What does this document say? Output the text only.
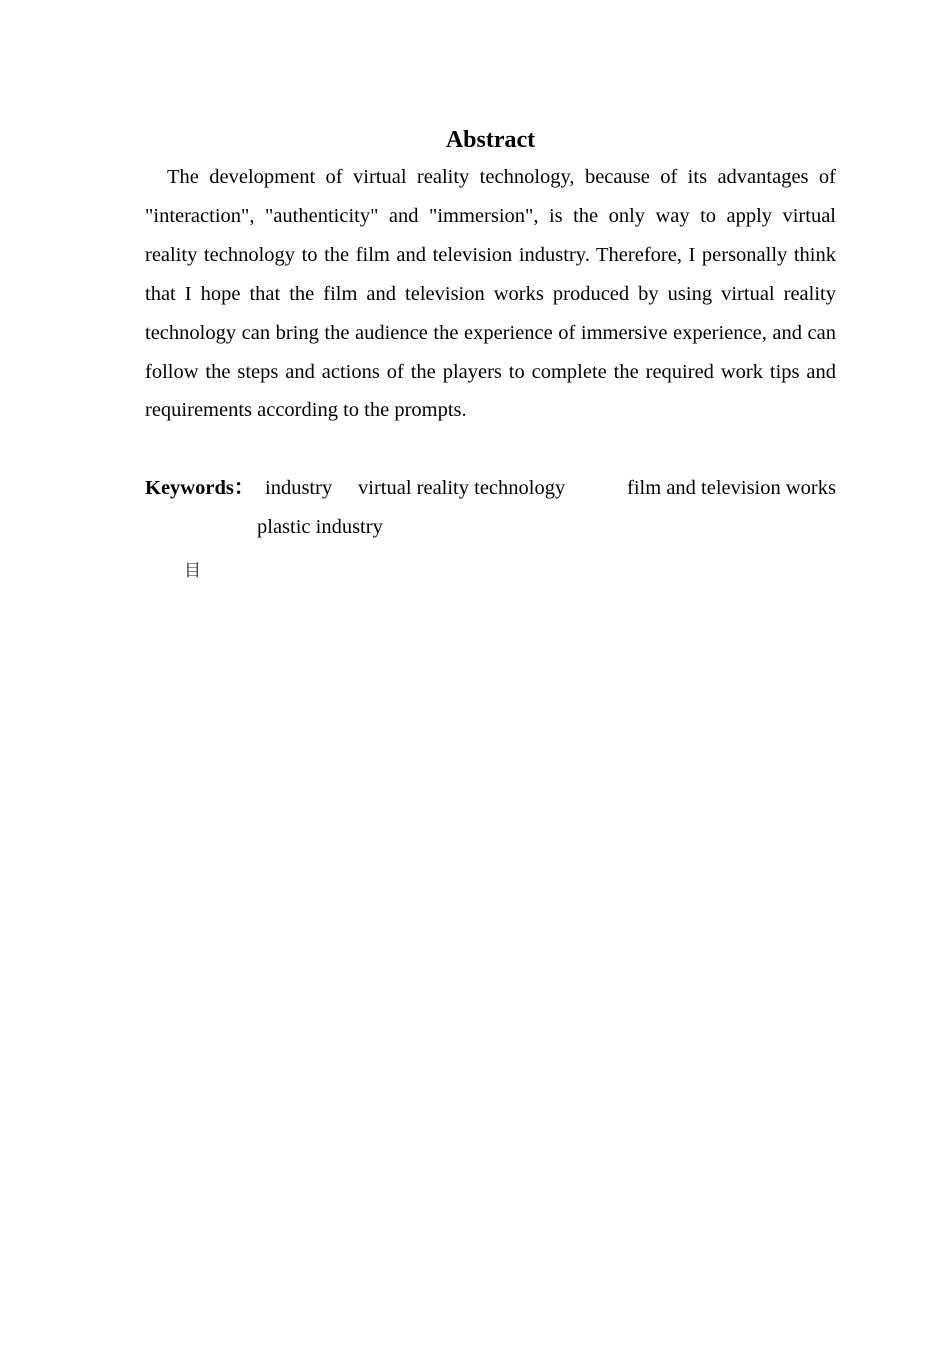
Abstract

The development of virtual reality technology, because of its advantages of "interaction", "authenticity" and "immersion", is the only way to apply virtual reality technology to the film and television industry. Therefore, I personally think that I hope that the film and television works produced by using virtual reality technology can bring the audience the experience of immersive experience, and can follow the steps and actions of the players to complete the required work tips and requirements according to the prompts.

Keywords： industry virtual reality technology	film and television works
plastic industry
目
